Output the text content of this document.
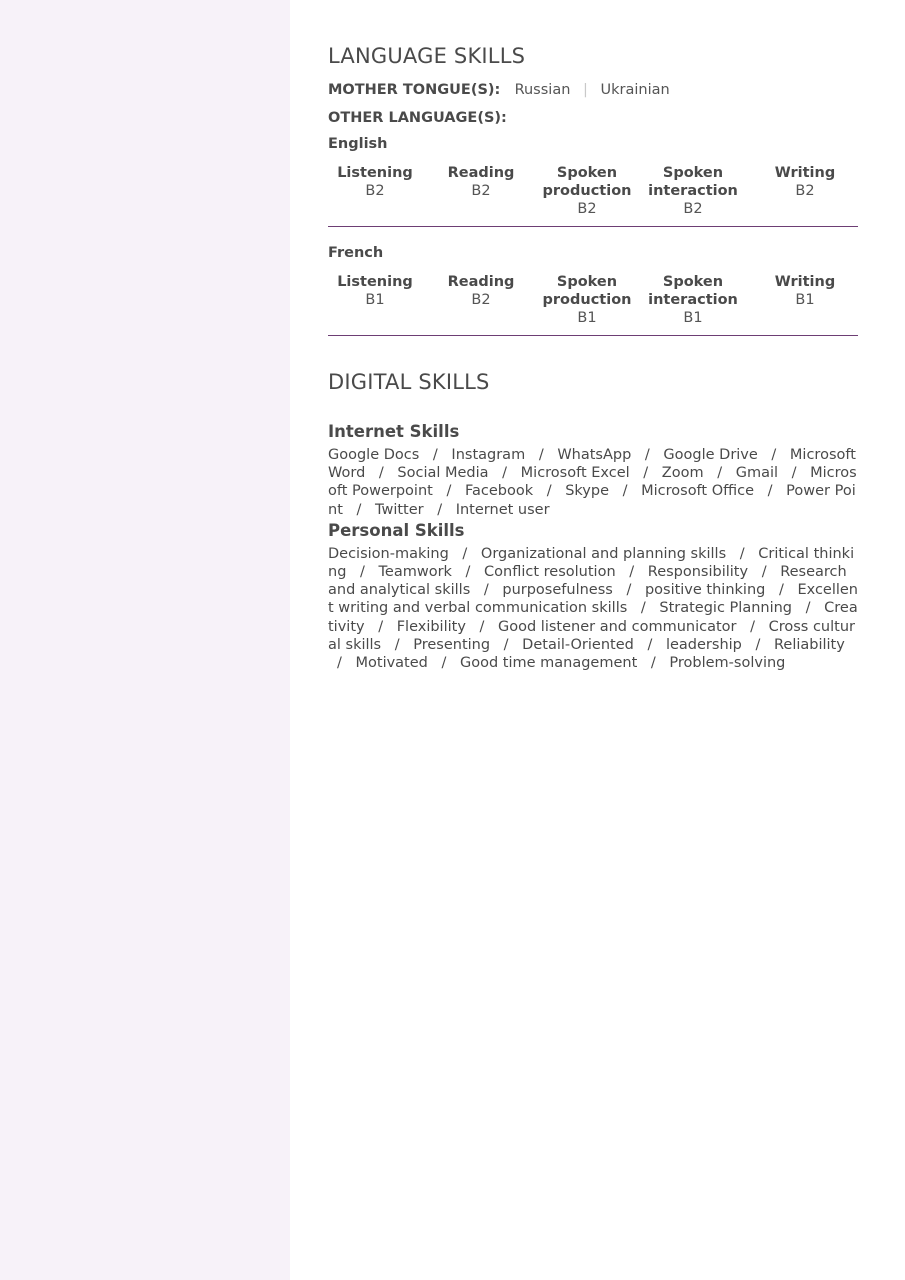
LANGUAGE SKILLS
MOTHER TONGUE(S): Russian | Ukrainian
OTHER LANGUAGE(S):
English
Listening
B2
Reading
B2
Spoken
production
B2
Spoken
interaction
B2
Writing
B2
French
Listening
B1
Reading
B2
Spoken
production
B1
Spoken
interaction
B1
Writing
B1
DIGITAL SKILLS
Internet Skills
Google Docs / Instagram / WhatsApp / Google Drive / Microsoft Word / Social Media / Microsoft Excel / Zoom / Gmail / Microsoft Powerpoint / Facebook / Skype / Microsoft Office / Power Point / Twitter / Internet user
Personal Skills
Decision-making / Organizational and planning skills / Critical thinking / Teamwork / Conflict resolution / Responsibility / Research and analytical skills / purposefulness / positive thinking / Excellent writing and verbal communication skills / Strategic Planning / Creativity / Flexibility / Good listener and communicator / Cross cultural skills / Presenting / Detail-Oriented / leadership / Reliability / Motivated / Good time management / Problem-solving
